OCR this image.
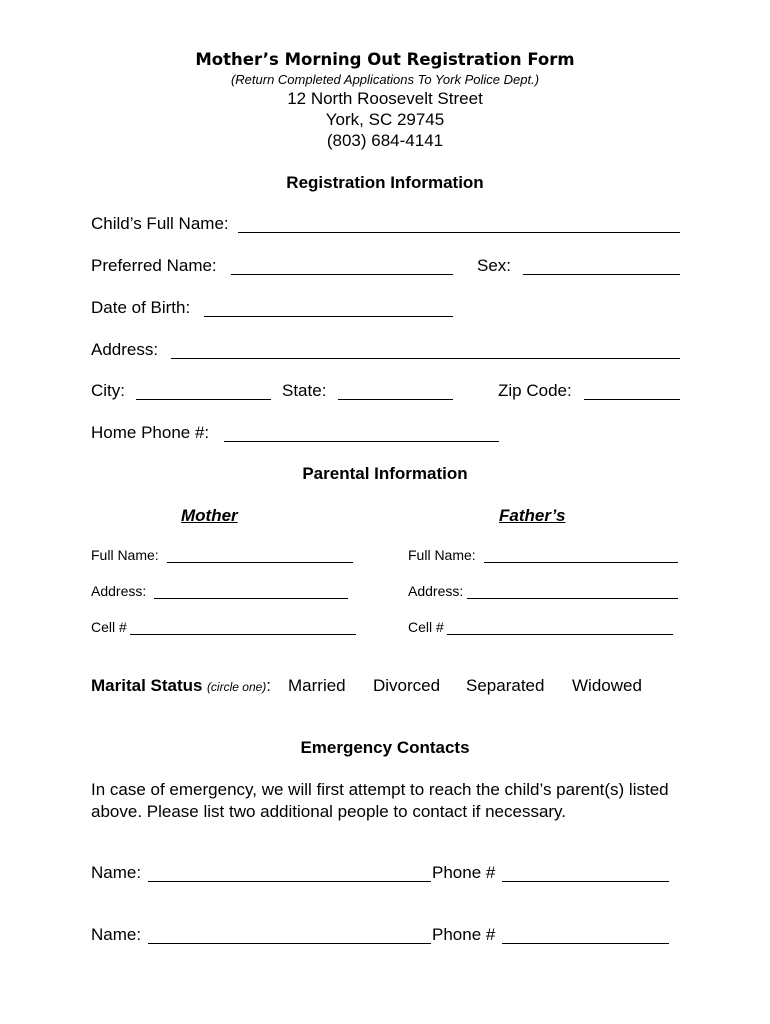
Mother’s Morning Out Registration Form
(Return Completed Applications To York Police Dept.)
12 North Roosevelt Street
York, SC 29745
(803) 684-4141
Registration Information
Child’s Full Name:
Preferred Name:	Sex:
Date of Birth:
Address:
City:	State:	Zip Code:
Home Phone #:
Parental Information
Mother	Father’s
Full Name:	Full Name:
Address:	Address:
Cell #	Cell #
Marital Status (circle one): Married Divorced Separated Widowed
Emergency Contacts
In case of emergency, we will first attempt to reach the child’s parent(s) listed above. Please list two additional people to contact if necessary.
Name:	Phone #
Name:	Phone #
